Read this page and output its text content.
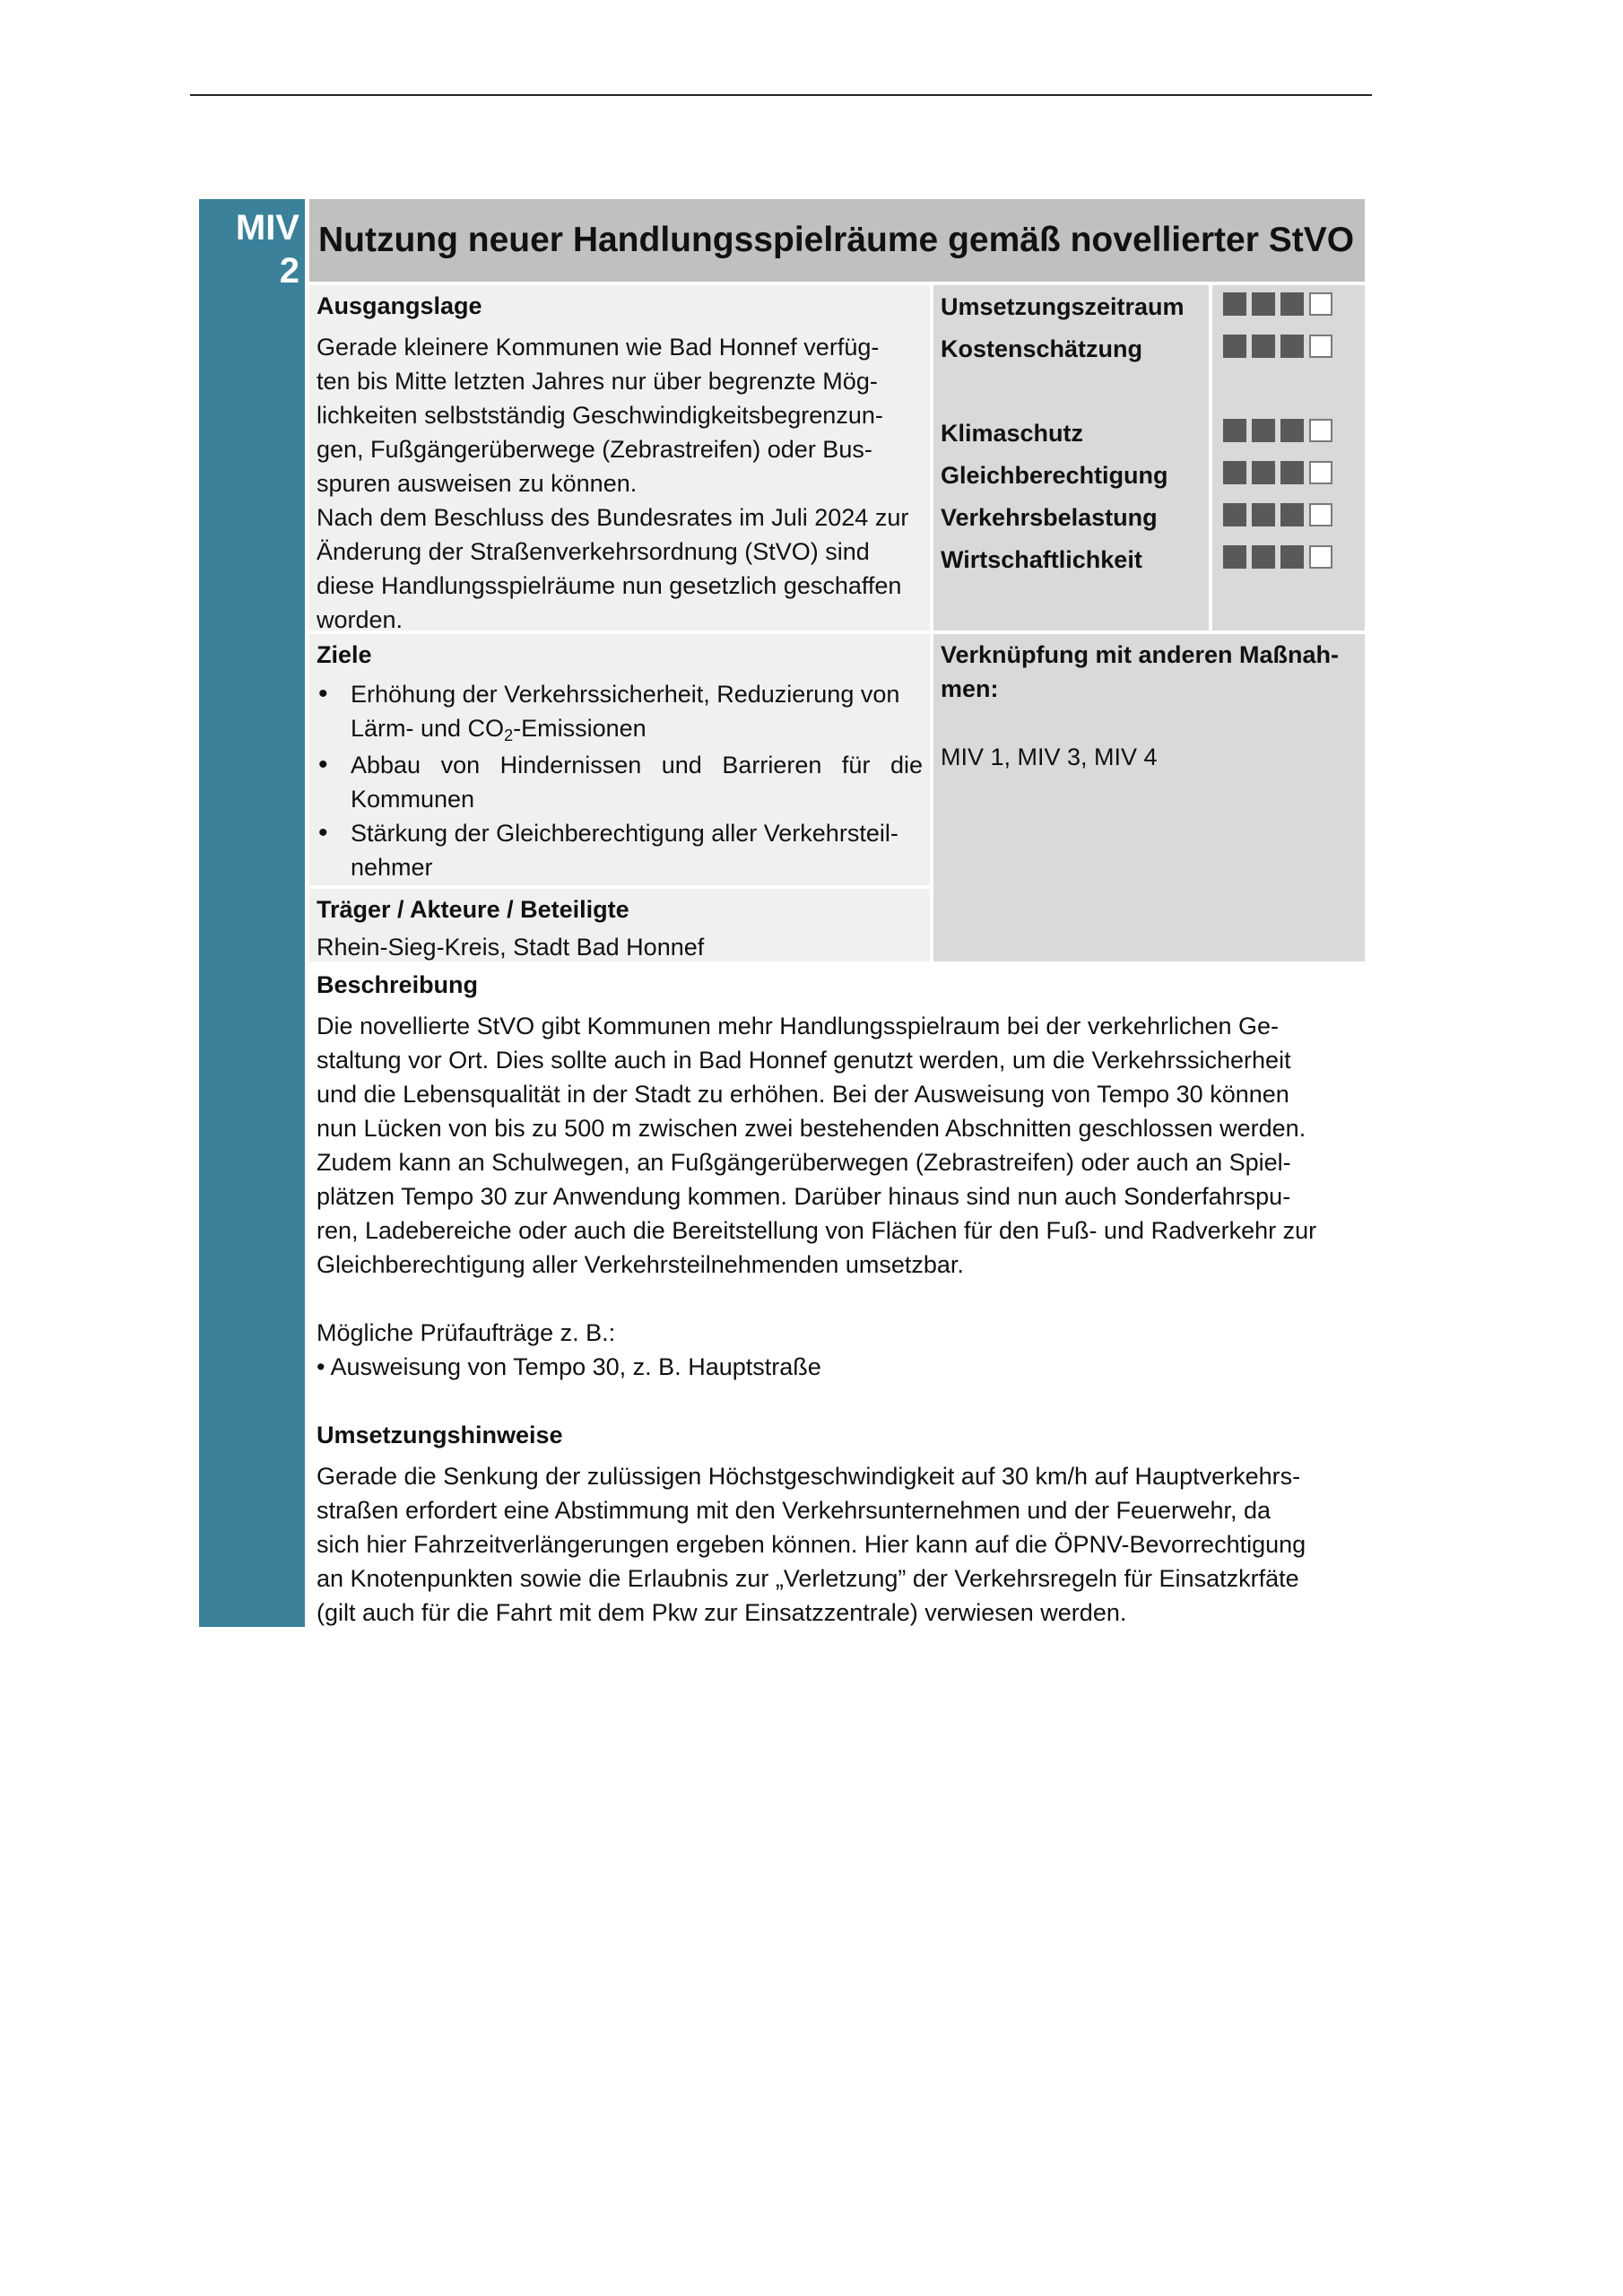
MIV
2
Nutzung neuer Handlungsspielräume gemäß novellierter StVO
Ausgangslage
Gerade kleinere Kommunen wie Bad Honnef verfüg-
ten bis Mitte letzten Jahres nur über begrenzte Mög-
lichkeiten selbstständig Geschwindigkeitsbegrenzun-
gen, Fußgängerüberwege (Zebrastreifen) oder Bus-
spuren ausweisen zu können.
Nach dem Beschluss des Bundesrates im Juli 2024 zur
Änderung der Straßenverkehrsordnung (StVO) sind
diese Handlungsspielräume nun gesetzlich geschaffen
worden.
Umsetzungszeitraum
Kostenschätzung
Klimaschutz
Gleichberechtigung
Verkehrsbelastung
Wirtschaftlichkeit
Ziele
• Erhöhung der Verkehrssicherheit, Reduzierung von
Lärm- und CO2-Emissionen
• Abbau von Hindernissen und Barrieren für die
Kommunen
• Stärkung der Gleichberechtigung aller Verkehrsteil-
nehmer
Verknüpfung mit anderen Maßnah-
men:

MIV 1, MIV 3, MIV 4

Träger / Akteure / Beteiligte

Rhein-Sieg-Kreis, Stadt Bad Honnef

Beschreibung
Die novellierte StVO gibt Kommunen mehr Handlungsspielraum bei der verkehrlichen Ge-
staltung vor Ort. Dies sollte auch in Bad Honnef genutzt werden, um die Verkehrssicherheit
und die Lebensqualität in der Stadt zu erhöhen. Bei der Ausweisung von Tempo 30 können
nun Lücken von bis zu 500 m zwischen zwei bestehenden Abschnitten geschlossen werden.
Zudem kann an Schulwegen, an Fußgängerüberwegen (Zebrastreifen) oder auch an Spiel-
plätzen Tempo 30 zur Anwendung kommen. Darüber hinaus sind nun auch Sonderfahrspu-
ren, Ladebereiche oder auch die Bereitstellung von Flächen für den Fuß- und Radverkehr zur
Gleichberechtigung aller Verkehrsteilnehmenden umsetzbar.

Mögliche Prüfaufträge z. B.:

• Ausweisung von Tempo 30, z. B. Hauptstraße

Umsetzungshinweise
Gerade die Senkung der zulüssigen Höchstgeschwindigkeit auf 30 km/h auf Hauptverkehrs-
straßen erfordert eine Abstimmung mit den Verkehrsunternehmen und der Feuerwehr, da
sich hier Fahrzeitverlängerungen ergeben können. Hier kann auf die ÖPNV-Bevorrechtigung
an Knotenpunkten sowie die Erlaubnis zur „Verletzung” der Verkehrsregeln für Einsatzkrfäte
(gilt auch für die Fahrt mit dem Pkw zur Einsatzzentrale) verwiesen werden.
